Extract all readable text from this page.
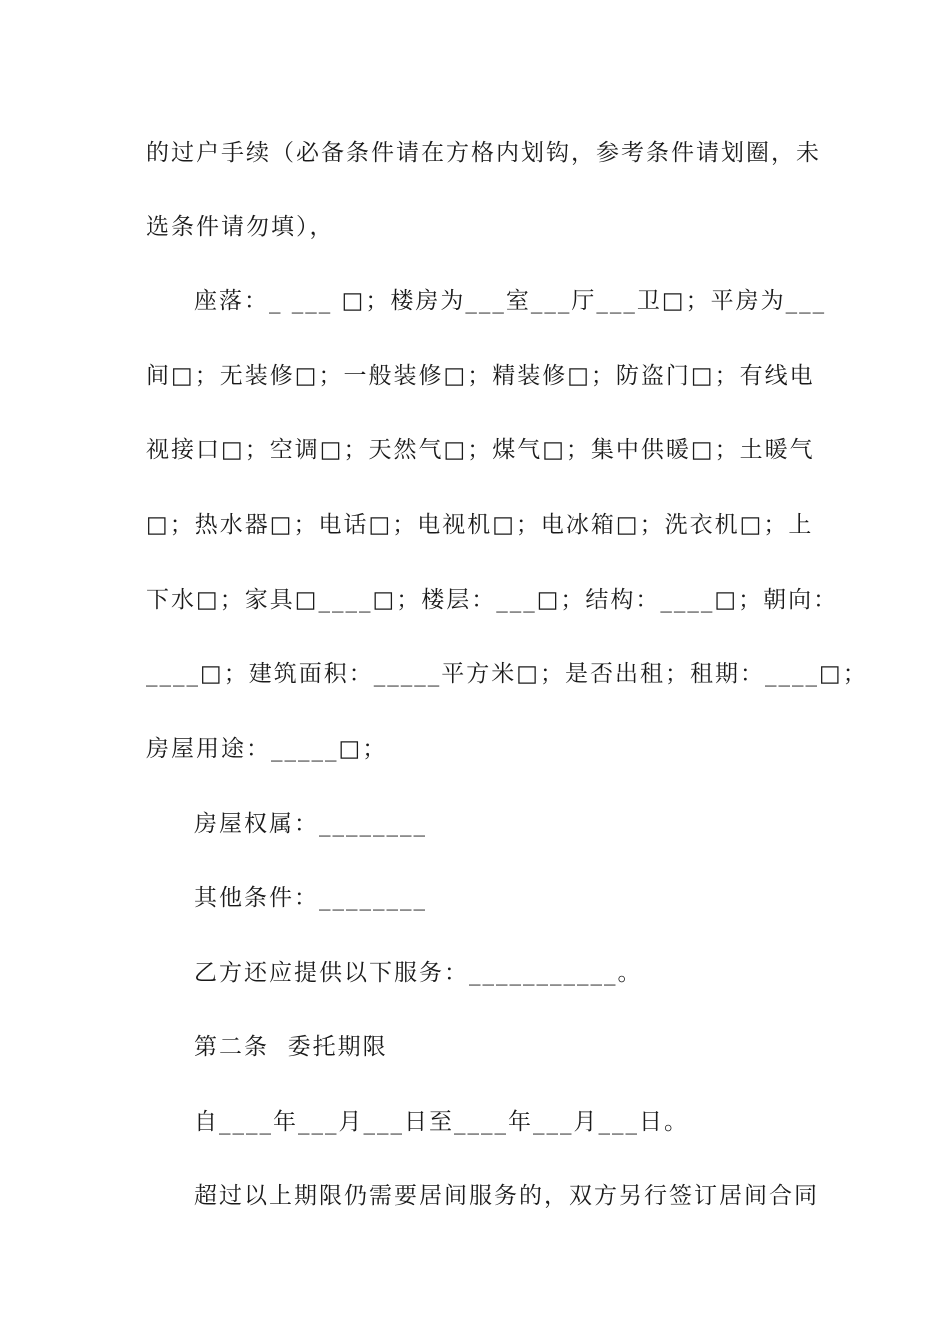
的过户手续（必备条件请在方格内划钩，参考条件请划圈，未
选条件请勿填），
座落：_ ___ □；楼房为___室___厅___卫□；平房为___
间□；无装修□；一般装修□；精装修□；防盗门□；有线电
视接口□；空调□；天然气□；煤气□；集中供暖□；土暖气
□；热水器□；电话□；电视机□；电冰箱□；洗衣机□；上
下水□；家具□____□；楼层：___□；结构：____□；朝向：
____□；建筑面积：_____平方米□；是否出租；租期：____□；
房屋用途：_____□；
房屋权属：________
其他条件：________
乙方还应提供以下服务：___________。
第二条  委托期限
自____年___月___日至____年___月___日。
超过以上期限仍需要居间服务的，双方另行签订居间合同
